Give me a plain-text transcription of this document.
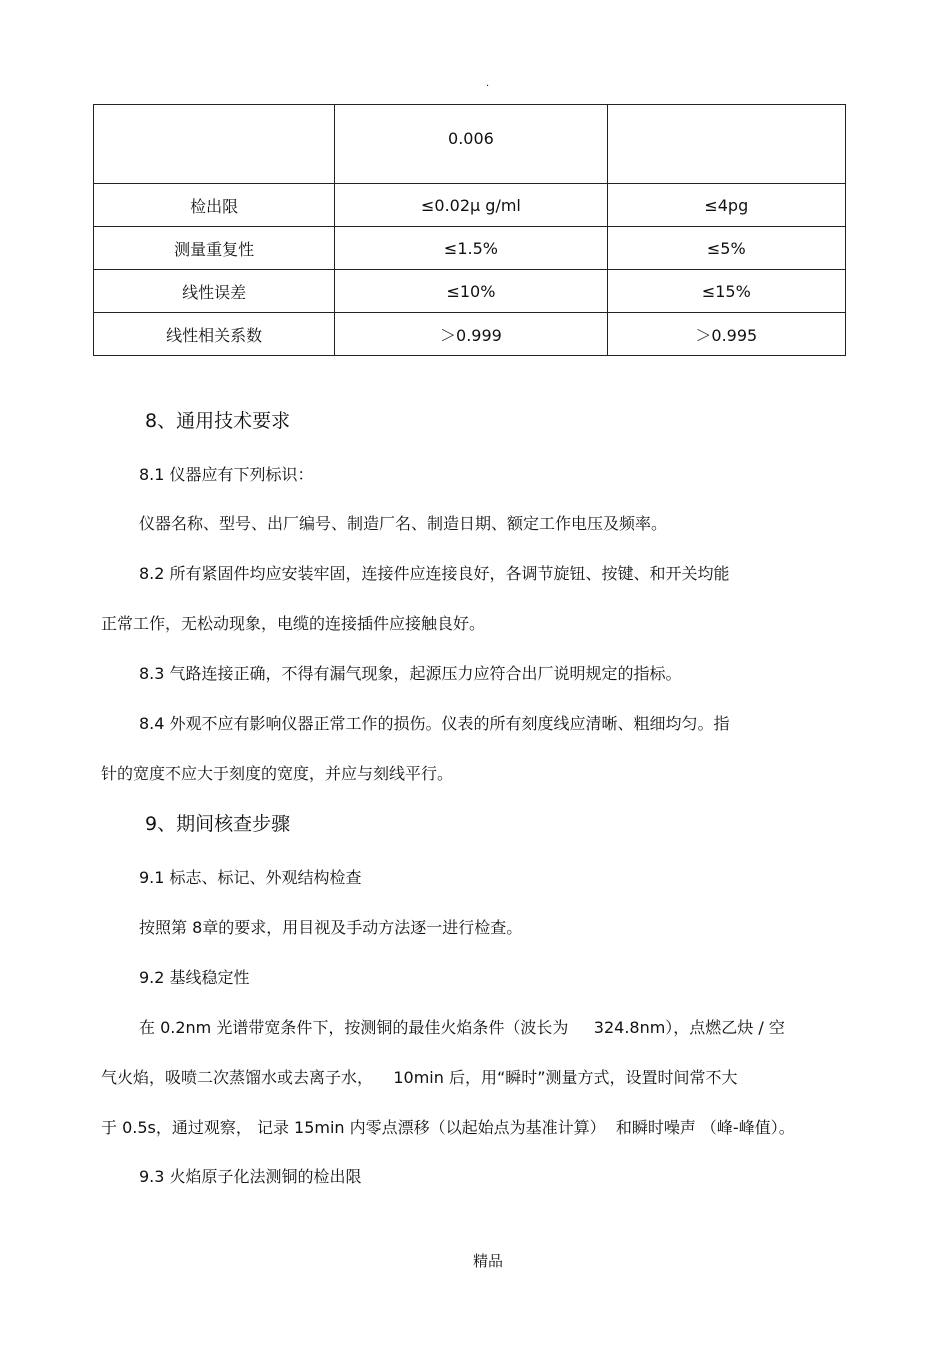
.
	0.006	
检出限	≤0.02μ g/ml	≤4pg
测量重复性	≤1.5%	≤5%
线性误差	≤10%	≤15%
线性相关系数	＞0.999	＞0.995
8、通用技术要求
8.1 仪器应有下列标识：
仪器名称、型号、出厂编号、制造厂名、制造日期、额定工作电压及频率。
8.2 所有紧固件均应安装牢固，连接件应连接良好，各调节旋钮、按键、和开关均能
正常工作，无松动现象，电缆的连接插件应接触良好。
8.3 气路连接正确，不得有漏气现象，起源压力应符合出厂说明规定的指标。
8.4 外观不应有影响仪器正常工作的损伤。仪表的所有刻度线应清晰、粗细均匀。指
针的宽度不应大于刻度的宽度，并应与刻线平行。
9、期间核查步骤
9.1 标志、标记、外观结构检查
按照第 8章的要求，用目视及手动方法逐一进行检查。
9.2 基线稳定性
在 0.2nm 光谱带宽条件下，按测铜的最佳火焰条件（波长为     324.8nm），点燃乙炔 / 空
气火焰，吸喷二次蒸馏水或去离子水，    10min 后，用“瞬时”测量方式，设置时间常不大
于 0.5s，通过观察， 记录 15min 内零点漂移（以起始点为基准计算）  和瞬时噪声 （峰-峰值）。
9.3 火焰原子化法测铜的检出限
精品
